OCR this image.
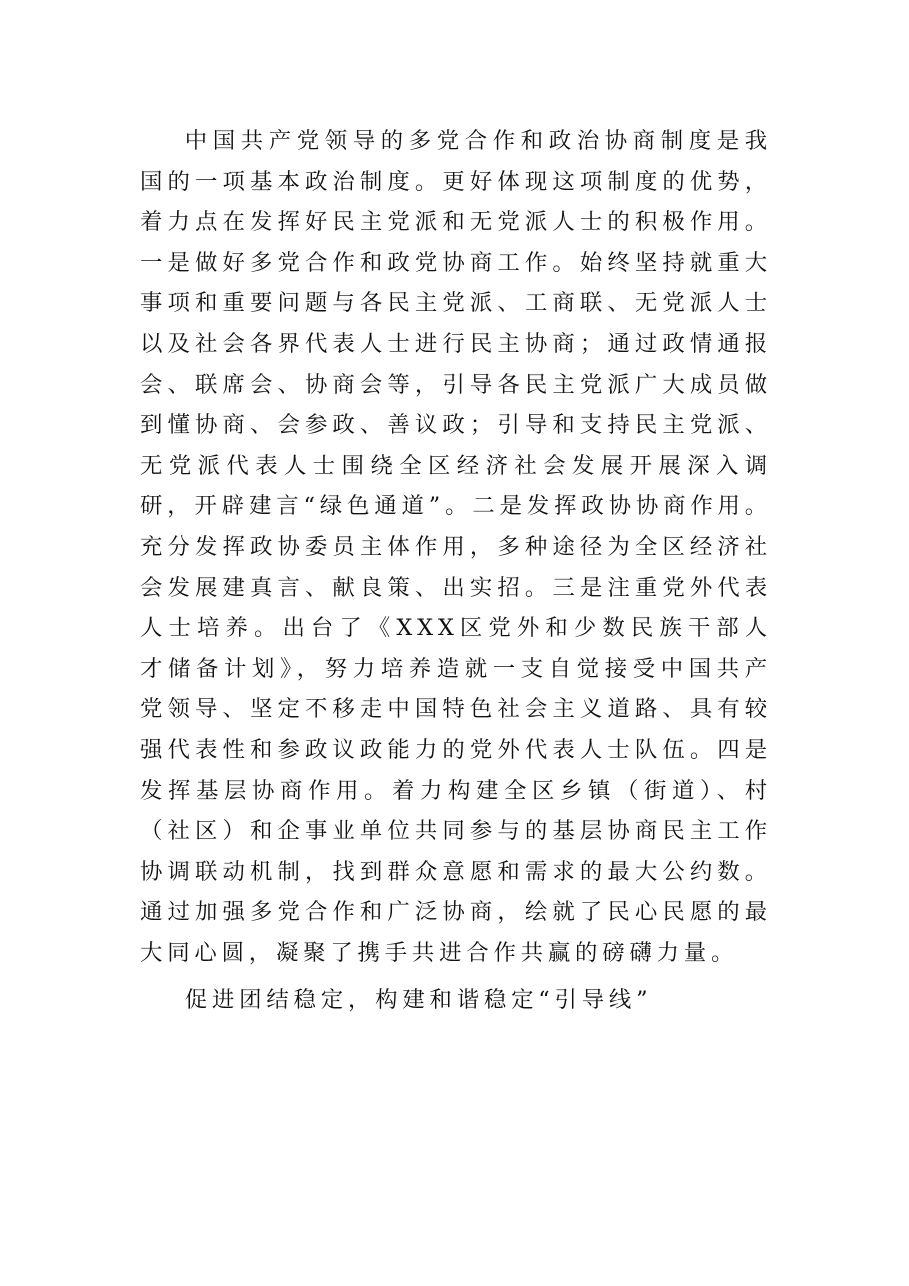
中国共产党领导的多党合作和政治协商制度是我国的一项基本政治制度。更好体现这项制度的优势，着力点在发挥好民主党派和无党派人士的积极作用。一是做好多党合作和政党协商工作。始终坚持就重大事项和重要问题与各民主党派、工商联、无党派人士以及社会各界代表人士进行民主协商；通过政情通报会、联席会、协商会等，引导各民主党派广大成员做到懂协商、会参政、善议政；引导和支持民主党派、无党派代表人士围绕全区经济社会发展开展深入调研，开辟建言“绿色通道”。二是发挥政协协商作用。充分发挥政协委员主体作用，多种途径为全区经济社会发展建真言、献良策、出实招。三是注重党外代表人士培养。出台了《XXX区党外和少数民族干部人才储备计划》，努力培养造就一支自觉接受中国共产党领导、坚定不移走中国特色社会主义道路、具有较强代表性和参政议政能力的党外代表人士队伍。四是发挥基层协商作用。着力构建全区乡镇（街道）、村（社区）和企事业单位共同参与的基层协商民主工作协调联动机制，找到群众意愿和需求的最大公约数。通过加强多党合作和广泛协商，绘就了民心民愿的最大同心圆，凝聚了携手共进合作共赢的磅礴力量。

促进团结稳定，构建和谐稳定“引导线”
